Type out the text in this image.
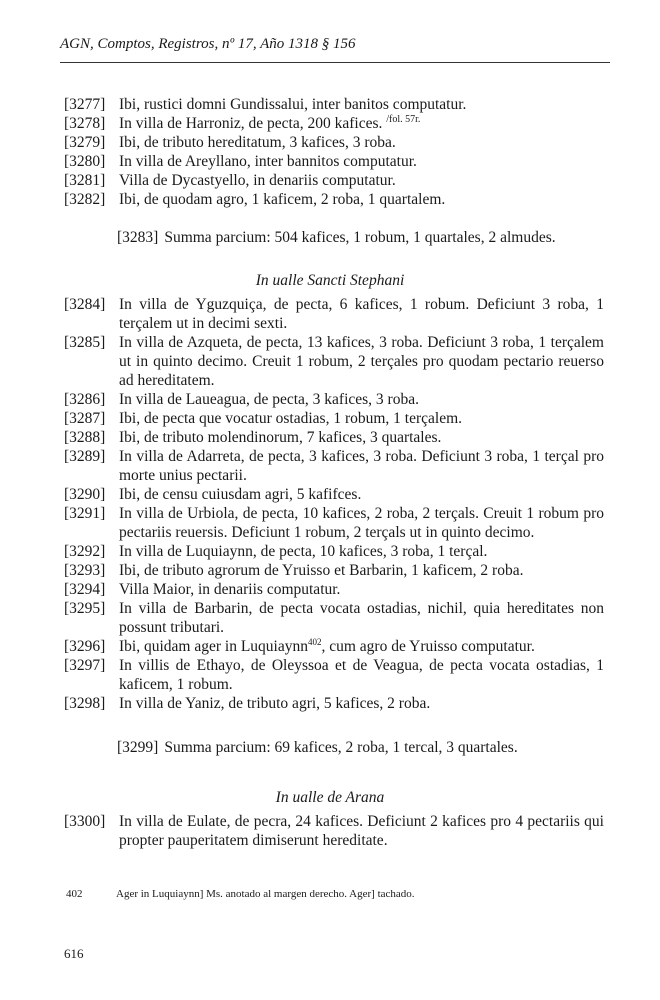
AGN, Comptos, Registros, nº 17, Año 1318 § 156
[3277] Ibi, rustici domni Gundissalui, inter banitos computatur.
[3278] In villa de Harroniz, de pecta, 200 kafices. $^{/fol. 57r.}$
[3279] Ibi, de tributo hereditatum, 3 kafices, 3 roba.
[3280] In villa de Areyllano, inter bannitos computatur.
[3281] Villa de Dycastyello, in denariis computatur.
[3282] Ibi, de quodam agro, 1 kaficem, 2 roba, 1 quartalem.
[3283] Summa parcium: 504 kafices, 1 robum, 1 quartales, 2 almudes.
In ualle Sancti Stephani
[3284] In villa de Yguzquiça, de pecta, 6 kafices, 1 robum. Deficiunt 3 roba, 1 terçalem ut in decimi sexti.
[3285] In villa de Azqueta, de pecta, 13 kafices, 3 roba. Deficiunt 3 roba, 1 terçalem ut in quinto decimo. Creuit 1 robum, 2 terçales pro quodam pectario reuerso ad hereditatem.
[3286] In villa de Laueagua, de pecta, 3 kafices, 3 roba.
[3287] Ibi, de pecta que vocatur ostadias, 1 robum, 1 terçalem.
[3288] Ibi, de tributo molendinorum, 7 kafices, 3 quartales.
[3289] In villa de Adarreta, de pecta, 3 kafices, 3 roba. Deficiunt 3 roba, 1 terçal pro morte unius pectarii.
[3290] Ibi, de censu cuiusdam agri, 5 kafifces.
[3291] In villa de Urbiola, de pecta, 10 kafices, 2 roba, 2 terçals. Creuit 1 robum pro pectariis reuersis. Deficiunt 1 robum, 2 terçals ut in quinto decimo.
[3292] In villa de Luquiaynn, de pecta, 10 kafices, 3 roba, 1 terçal.
[3293] Ibi, de tributo agrorum de Yruisso et Barbarin, 1 kaficem, 2 roba.
[3294] Villa Maior, in denariis computatur.
[3295] In villa de Barbarin, de pecta vocata ostadias, nichil, quia hereditates non possunt tributari.
[3296] Ibi, quidam ager in Luquiaynn$^{402}$, cum agro de Yruisso computatur.
[3297] In villis de Ethayo, de Oleyssoa et de Veagua, de pecta vocata ostadias, 1 kaficem, 1 robum.
[3298] In villa de Yaniz, de tributo agri, 5 kafices, 2 roba.
[3299] Summa parcium: 69 kafices, 2 roba, 1 tercal, 3 quartales.
In ualle de Arana
[3300] In villa de Eulate, de pecra, 24 kafices. Deficiunt 2 kafices pro 4 pectariis qui propter pauperitatem dimiserunt hereditate.
402	Ager in Luquiaynn] Ms. anotado al margen derecho. Ager] tachado.
616
